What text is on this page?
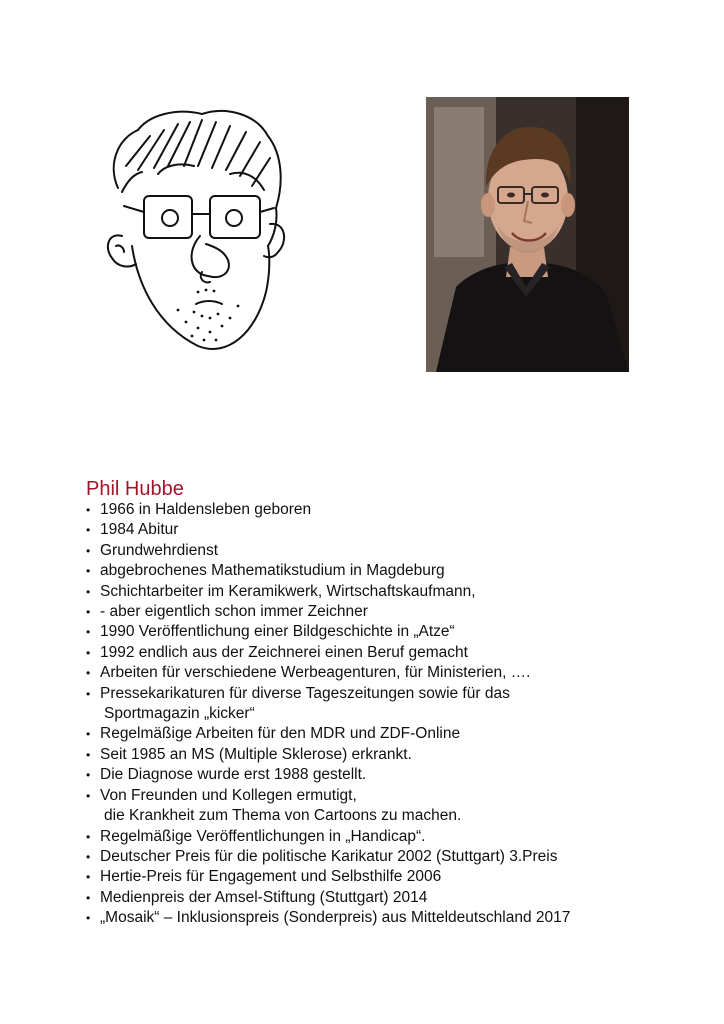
Phil Hubbe
• 1966 in Haldensleben geboren
• 1984 Abitur
• Grundwehrdienst
• abgebrochenes Mathematikstudium in Magdeburg
• Schichtarbeiter im Keramikwerk, Wirtschaftskaufmann,
• - aber eigentlich schon immer Zeichner
• 1990 Veröffentlichung einer Bildgeschichte in „Atze“
• 1992 endlich aus der Zeichnerei einen Beruf gemacht
• Arbeiten für verschiedene Werbeagenturen, für Ministerien, ….
• Pressekarikaturen für diverse Tageszeitungen sowie für das
Sportmagazin „kicker“
• Regelmäßige Arbeiten für den MDR und ZDF-Online
• Seit 1985 an MS (Multiple Sklerose) erkrankt.
• Die Diagnose wurde erst 1988 gestellt.
• Von Freunden und Kollegen ermutigt,
die Krankheit zum Thema von Cartoons zu machen.
• Regelmäßige Veröffentlichungen in „Handicap“.
• Deutscher Preis für die politische Karikatur 2002 (Stuttgart) 3.Preis
• Hertie-Preis für Engagement und Selbsthilfe 2006
• Medienpreis der Amsel-Stiftung (Stuttgart) 2014
• „Mosaik“ – Inklusionspreis (Sonderpreis) aus Mitteldeutschland 2017
